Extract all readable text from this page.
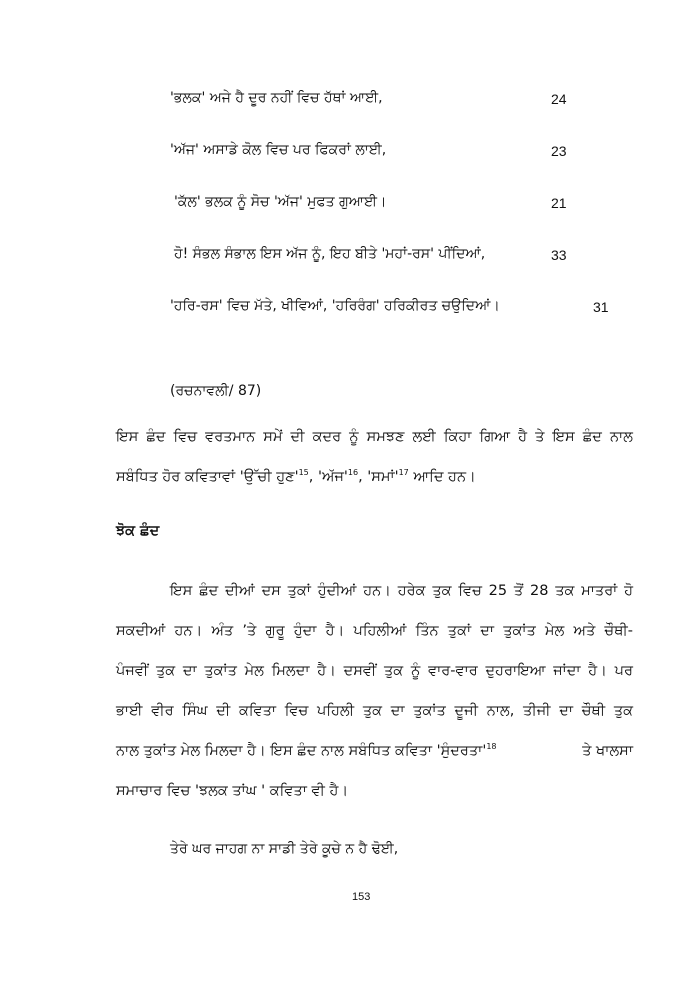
'ਭਲਕ' ਅਜੇ ਹੈ ਦੂਰ ਨਹੀਂ ਵਿਚ ਹੱਥਾਂ ਆਈ,	24
'ਅੱਜ' ਅਸਾਡੇ ਕੋਲ ਵਿਚ ਪਰ ਫਿਕਰਾਂ ਲਾਈ,	23
'ਕੱਲ' ਭਲਕ ਨੂੰ ਸੋਚ 'ਅੱਜ' ਮੁਫਤ ਗੁਆਈ।	21
ਹੋ! ਸੰਭਲ ਸੰਭਾਲ ਇਸ ਅੱਜ ਨੂੰ, ਇਹ ਬੀਤੇ 'ਮਹਾਂ-ਰਸ' ਪੀਂਦਿਆਂ,	33
'ਹਰਿ-ਰਸ' ਵਿਚ ਮੱਤੇ, ਖੀਵਿਆਂ, 'ਹਰਿਰੰਗ' ਹਰਿਕੀਰਤ ਚਉਦਿਆਂ।	31
(ਰਚਨਾਵਲੀ/ 87)
ਇਸ ਛੰਦ ਵਿਚ ਵਰਤਮਾਨ ਸਮੇਂ ਦੀ ਕਦਰ ਨੂੰ ਸਮਝਣ ਲਈ ਕਿਹਾ ਗਿਆ ਹੈ ਤੇ ਇਸ ਛੰਦ ਨਾਲ
ਸਬੰਧਿਤ ਹੋਰ ਕਵਿਤਾਵਾਂ 'ਉੱਚੀ $ਹੁਣ'^{15}$, '$ਅੱਜ'^{16}$, '$ਸਮਾਂ'^{17}$ ਆਦਿ ਹਨ।
ਝੋਕ ਛੰਦ
ਇਸ ਛੰਦ ਦੀਆਂ ਦਸ ਤੁਕਾਂ ਹੁੰਦੀਆਂ ਹਨ। ਹਰੇਕ ਤੁਕ ਵਿਚ 25 ਤੋਂ 28 ਤਕ ਮਾਤਰਾਂ ਹੋ
ਸਕਦੀਆਂ ਹਨ। ਅੰਤ ’ਤੇ ਗੁਰੂ ਹੁੰਦਾ ਹੈ। ਪਹਿਲੀਆਂ ਤਿੰਨ ਤੁਕਾਂ ਦਾ ਤੁਕਾਂਤ ਮੇਲ ਅਤੇ ਚੌਥੀ-
ਪੰਜਵੀਂ ਤੁਕ ਦਾ ਤੁਕਾਂਤ ਮੇਲ ਮਿਲਦਾ ਹੈ। ਦਸਵੀਂ ਤੁਕ ਨੂੰ ਵਾਰ-ਵਾਰ ਦੁਹਰਾਇਆ ਜਾਂਦਾ ਹੈ। ਪਰ
ਭਾਈ ਵੀਰ ਸਿੰਘ ਦੀ ਕਵਿਤਾ ਵਿਚ ਪਹਿਲੀ ਤੁਕ ਦਾ ਤੁਕਾਂਤ ਦੂਜੀ ਨਾਲ, ਤੀਜੀ ਦਾ ਚੌਥੀ ਤੁਕ
ਨਾਲ ਤੁਕਾਂਤ ਮੇਲ ਮਿਲਦਾ ਹੈ। ਇਸ ਛੰਦ ਨਾਲ ਸਬੰਧਿਤ ਕਵਿਤਾ '$ਸੁੰਦਰਤਾ'^{18}$	ਤੇ ਖਾਲਸਾ
ਸਮਾਚਾਰ ਵਿਚ 'ਝਲਕ ਤਾਂਘ ' ਕਵਿਤਾ ਵੀ ਹੈ।
ਤੇਰੇ ਘਰ ਜਾਹਗ ਨਾ ਸਾਡੀ ਤੇਰੇ ਕੂਚੇ ਨ ਹੈ ਢੋਈ,
153
